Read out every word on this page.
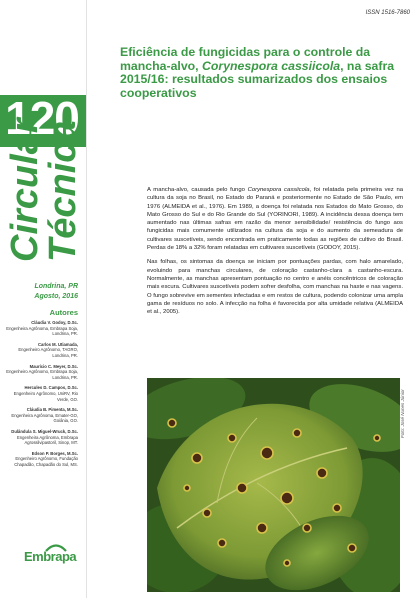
120
Circular
Técnica
Londrina, PR
Agosto, 2016
Autores
Cláudia V. Godoy, D.Sc.
Engenheira Agrônoma, Embrapa Soja, Londrina, PR.
Carlos M. Utiamada,
Engenheiro Agrônomo, TAGRO, Londrina, PR.
Maurício C. Meyer, D.Sc.
Engenheiro Agrônomo, Embrapa Soja, Londrina, PR.
Hercules D. Campos, D.Sc.
Engenheiro Agrônomo, UniRV, Rio Verde, GO.
Cláudia B. Pimenta, M.Sc.
Engenheira Agrônoma, Emater-GO, Goiânia, GO.
Dulândula S. Miguel-Wruck, D.Sc.
Engenheira Agrônoma, Embrapa Agrossilvipastoril, Sinop, MT.
Edson P. Borges, M.Sc.
Engenheiro Agrônomo, Fundação Chapadão, Chapadão do Sul, MS.
Embrapa
ISSN 1516-7860
Eficiência de fungicidas para o controle da mancha-alvo, Corynespora cassiicola, na safra 2015/16: resultados sumarizados dos ensaios cooperativos

A mancha-alvo, causada pelo fungo Corynespora cassiicola, foi relatada pela primeira vez na cultura da soja no Brasil, no Estado do Paraná e posteriormente no Estado de São Paulo, em 1976 (ALMEIDA et al., 1976). Em 1989, a doença foi relatada nos Estados do Mato Grosso, do Mato Grosso do Sul e do Rio Grande do Sul (YORINORI, 1989). A incidência dessa doença tem aumentado nas últimas safras em razão da menor sensibilidade/ resistência do fungo aos fungicidas mais comumente utilizados na cultura da soja e do aumento da semeadura de cultivares suscetíveis, sendo encontrada em praticamente todas as regiões de cultivo do Brasil. Perdas de 18% a 32% foram relatadas em cultivares suscetíveis (GODOY, 2015).

Nas folhas, os sintomas da doença se iniciam por pontuações pardas, com halo amarelado, evoluindo para manchas circulares, de coloração castanho-clara a castanho-escura. Normalmente, as manchas apresentam pontuação no centro e anéis concêntricos de coloração mais escura. Cultivares suscetíveis podem sofrer desfolha, com manchas na haste e nas vagens. O fungo sobrevive em sementes infectadas e em restos de cultura, podendo colonizar uma ampla gama de resíduos no solo. A infecção na folha é favorecida por alta umidade relativa (ALMEIDA et al., 2005).

Foto: José Nunes Júnior
